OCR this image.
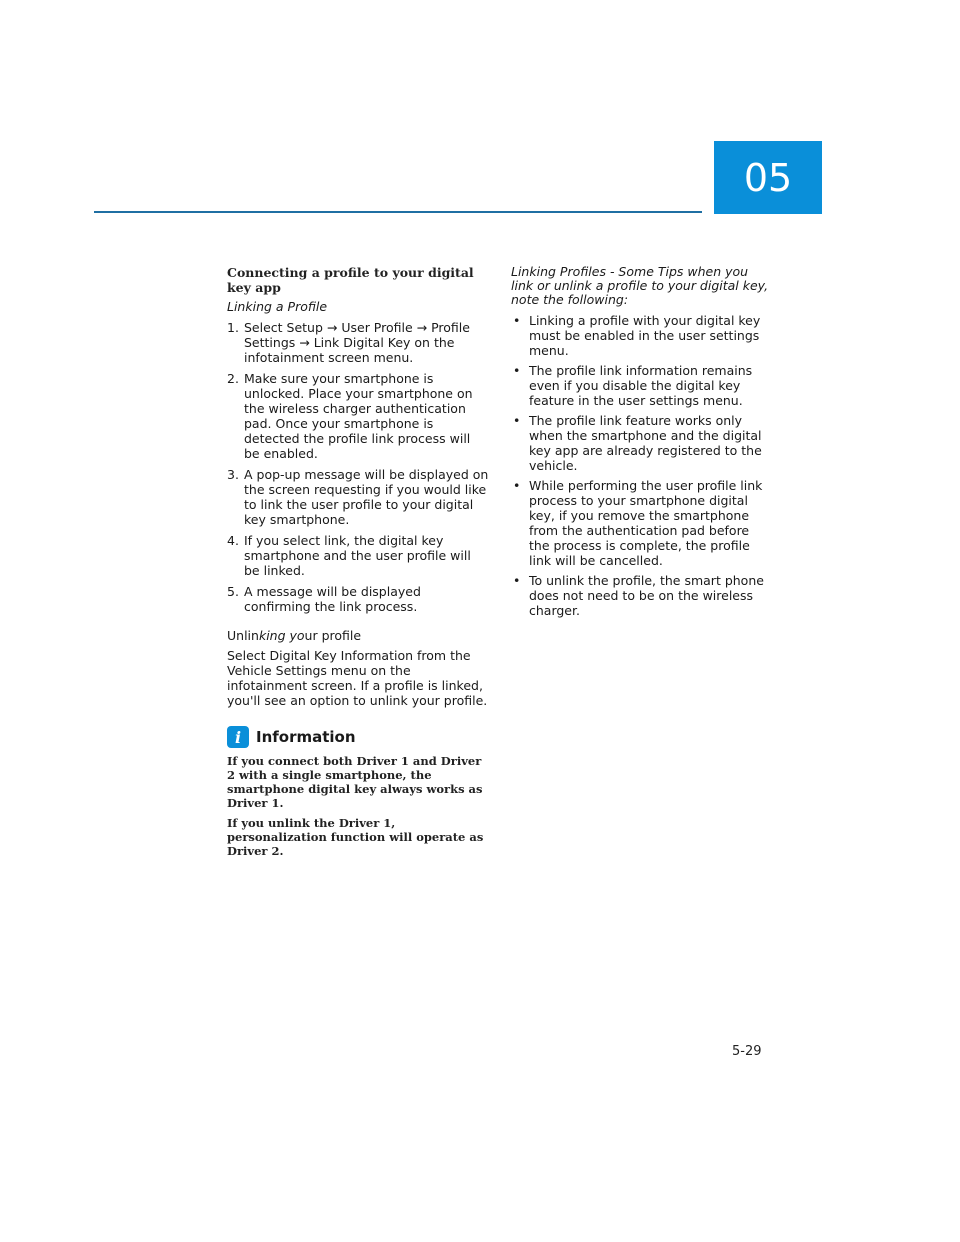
05
Connecting a profile to your digital key app

Linking a Profile

1. Select Setup → User Profile → Profile Settings → Link Digital Key on the infotainment screen menu.
2. Make sure your smartphone is unlocked. Place your smartphone on the wireless charger authentication pad. Once your smartphone is detected the profile link process will be enabled.
3. A pop-up message will be displayed on the screen requesting if you would like to link the user profile to your digital key smartphone.
4. If you select link, the digital key smartphone and the user profile will be linked.
5. A message will be displayed confirming the link process.

Unlinking your profile

Select Digital Key Information from the Vehicle Settings menu on the infotainment screen. If a profile is linked, you'll see an option to unlink your profile.

i Information

If you connect both Driver 1 and Driver 2 with a single smartphone, the smartphone digital key always works as Driver 1.

If you unlink the Driver 1, personalization function will operate as Driver 2.

Linking Profiles - Some Tips when you link or unlink a profile to your digital key, note the following:

• Linking a profile with your digital key must be enabled in the user settings menu.
• The profile link information remains even if you disable the digital key feature in the user settings menu.
• The profile link feature works only when the smartphone and the digital key app are already registered to the vehicle.
• While performing the user profile link process to your smartphone digital key, if you remove the smartphone from the authentication pad before the process is complete, the profile link will be cancelled.
• To unlink the profile, the smart phone does not need to be on the wireless charger.
5-29
